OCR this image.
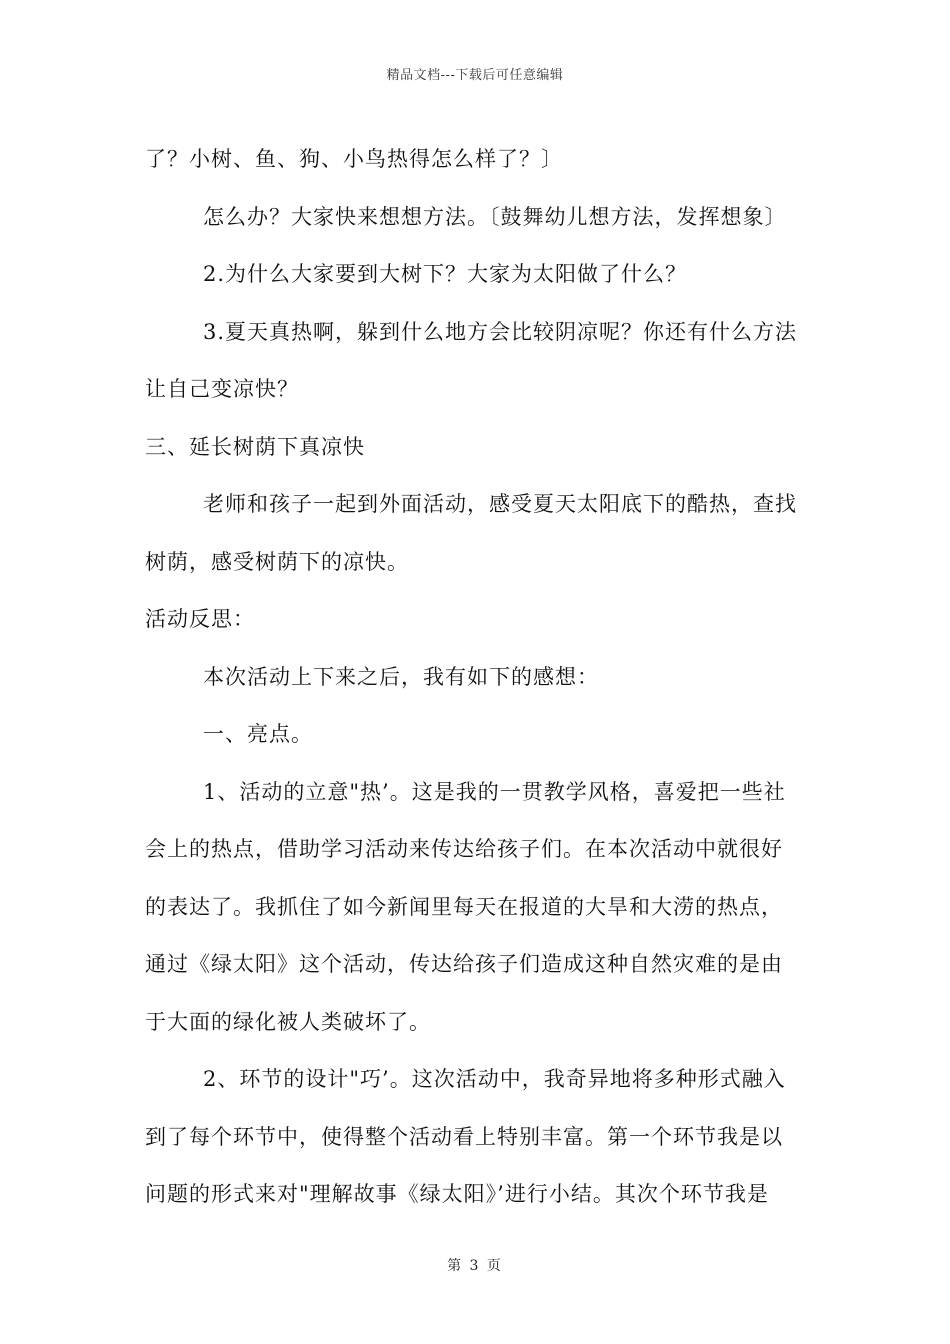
精品文档---下载后可任意编辑

了？小树、鱼、狗、小鸟热得怎么样了？〕

怎么办？大家快来想想方法。〔鼓舞幼儿想方法，发挥想象〕

2.为什么大家要到大树下？大家为太阳做了什么？

3.夏天真热啊，躲到什么地方会比较阴凉呢？你还有什么方法

让自己变凉快？

三、延长树荫下真凉快

老师和孩子一起到外面活动，感受夏天太阳底下的酷热，查找

树荫，感受树荫下的凉快。

活动反思：

本次活动上下来之后，我有如下的感想：

一、亮点。

1、活动的立意"热’。这是我的一贯教学风格，喜爱把一些社

会上的热点，借助学习活动来传达给孩子们。在本次活动中就很好

的表达了。我抓住了如今新闻里每天在报道的大旱和大涝的热点，

通过《绿太阳》这个活动，传达给孩子们造成这种自然灾难的是由

于大面的绿化被人类破坏了。

2、环节的设计"巧’。这次活动中，我奇异地将多种形式融入

到了每个环节中，使得整个活动看上特别丰富。第一个环节我是以

问题的形式来对"理解故事《绿太阳》’进行小结。其次个环节我是

第 3 页
